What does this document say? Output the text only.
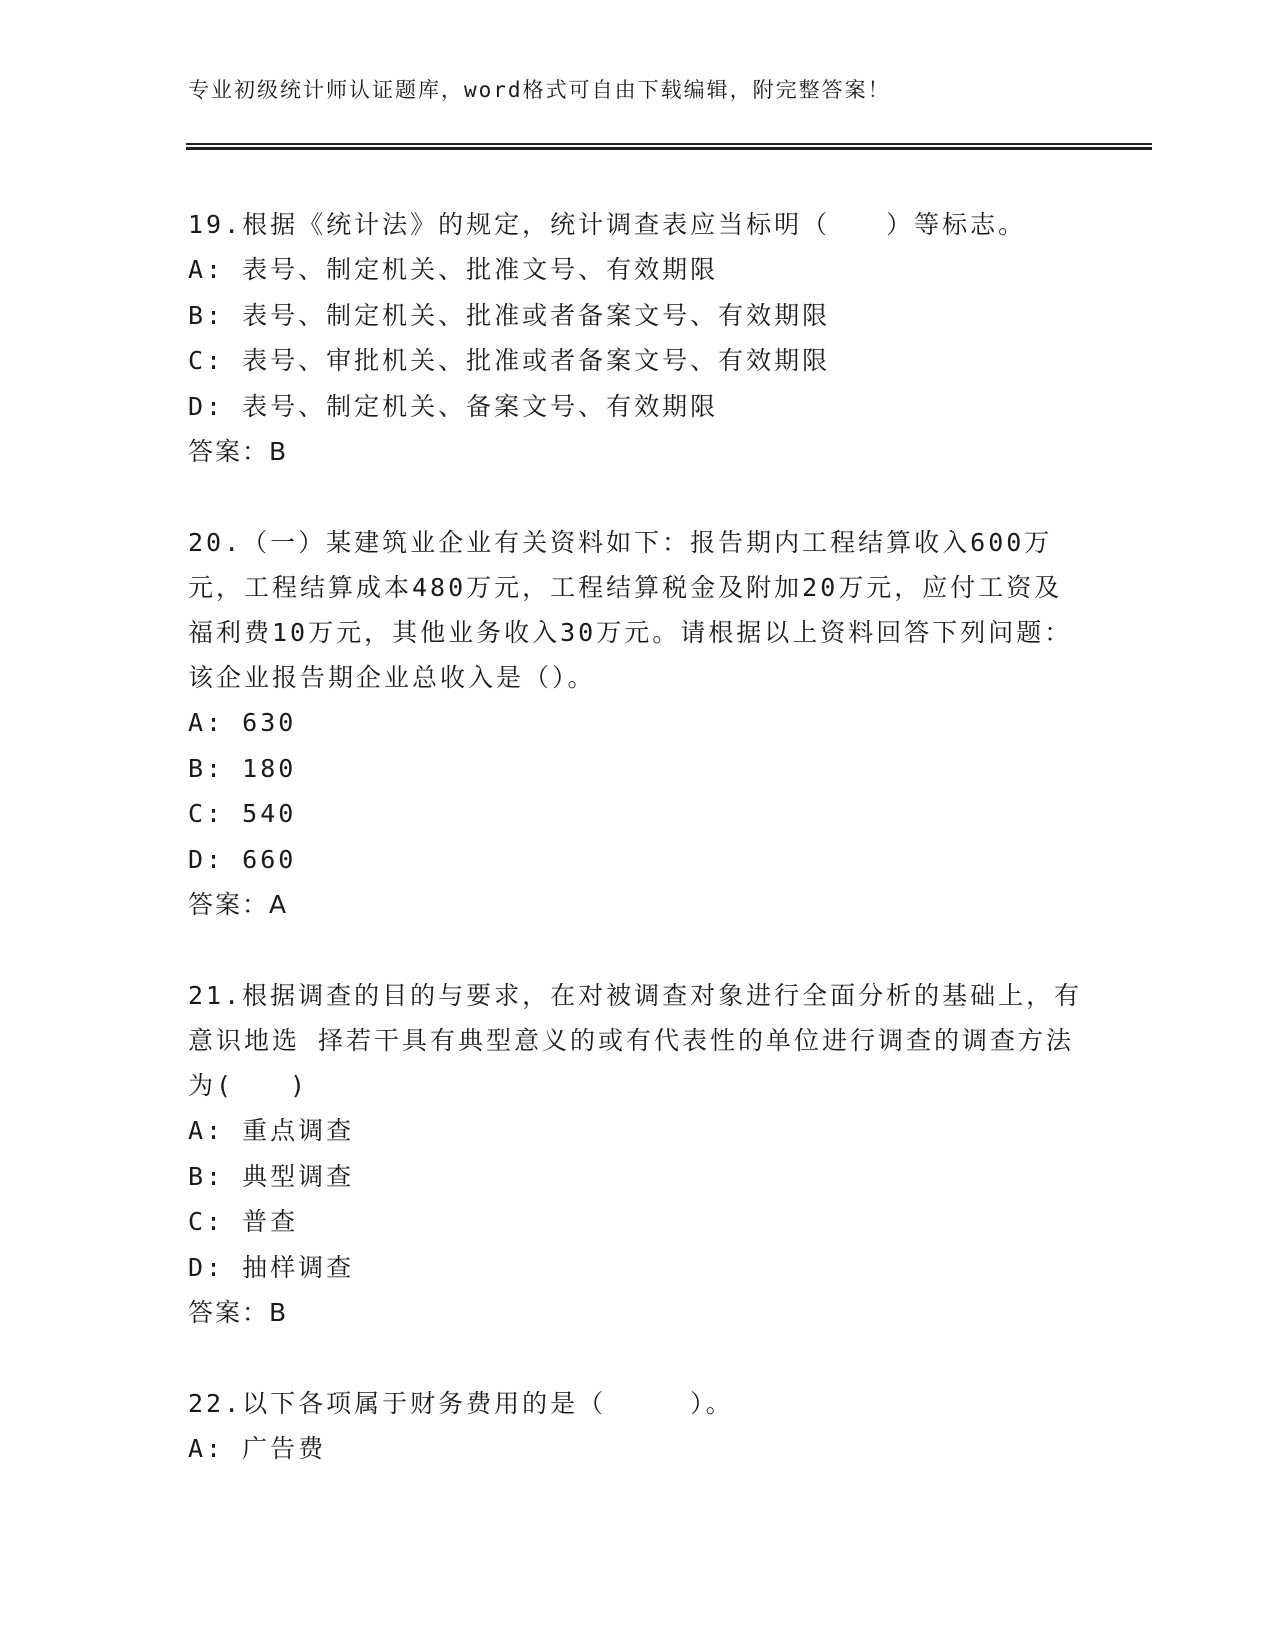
专业初级统计师认证题库，word格式可自由下载编辑，附完整答案！

19.根据《统计法》的规定，统计调查表应当标明（　　）等标志。

A: 表号、制定机关、批准文号、有效期限

B: 表号、制定机关、批准或者备案文号、有效期限

C: 表号、审批机关、批准或者备案文号、有效期限

D: 表号、制定机关、备案文号、有效期限

答案：B

20.（一）某建筑业企业有关资料如下：报告期内工程结算收入600万元，工程结算成本480万元，工程结算税金及附加20万元，应付工资及福利费10万元，其他业务收入30万元。请根据以上资料回答下列问题：该企业报告期企业总收入是（）。

A: 630

B: 180

C: 540

D: 660

答案：A

21.根据调查的目的与要求，在对被调查对象进行全面分析的基础上，有意识地选 择若干具有典型意义的或有代表性的单位进行调查的调查方法为(　　)

A: 重点调查

B: 典型调查

C: 普查

D: 抽样调查

答案：B

22.以下各项属于财务费用的是（　　　）。

A: 广告费
